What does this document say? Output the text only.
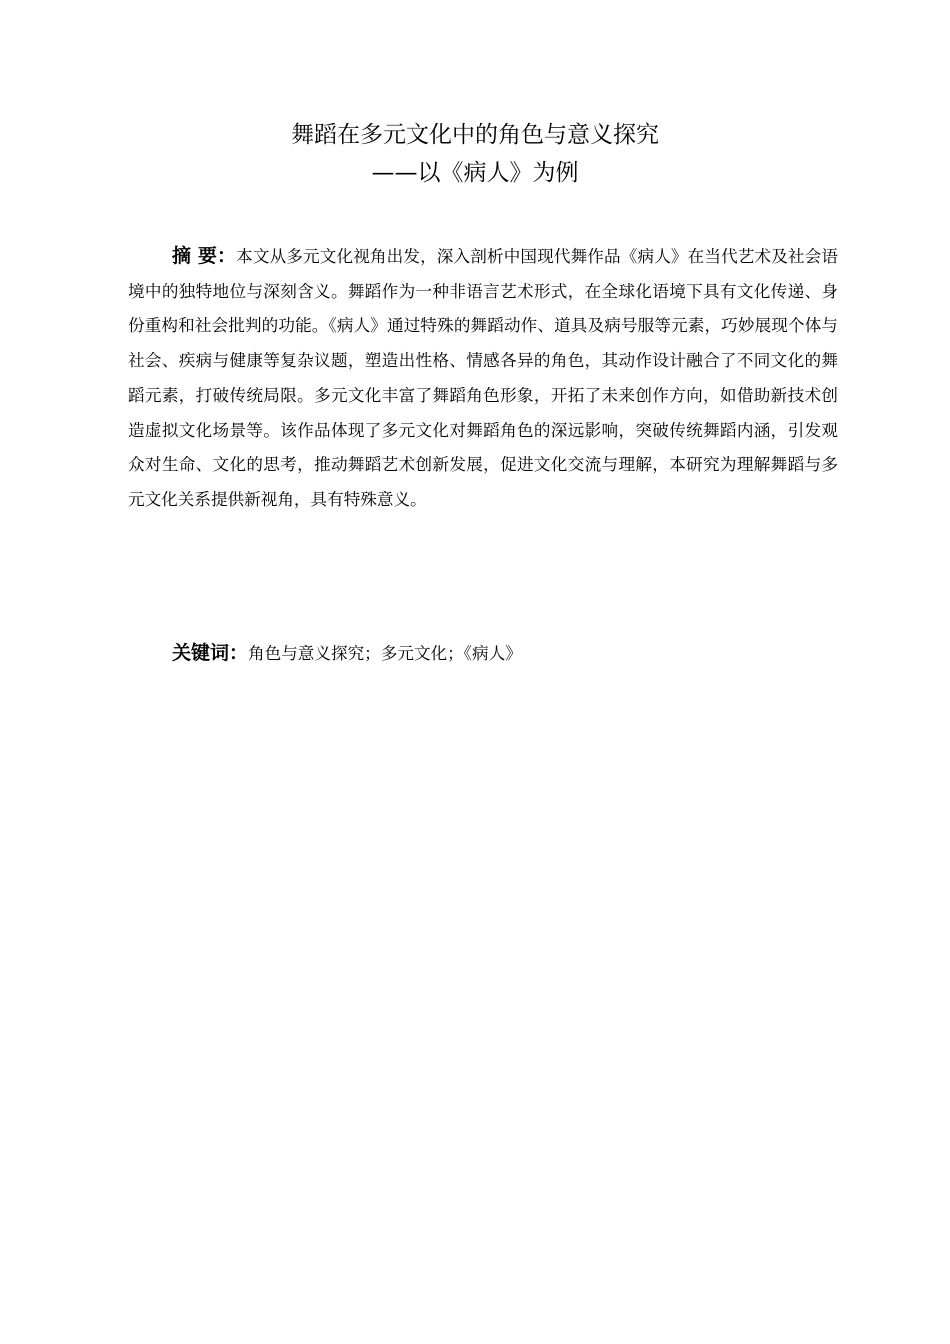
舞蹈在多元文化中的角色与意义探究
——以《病人》为例
摘 要：本文从多元文化视角出发，深入剖析中国现代舞作品《病人》在当代艺术及社会语境中的独特地位与深刻含义。舞蹈作为一种非语言艺术形式，在全球化语境下具有文化传递、身份重构和社会批判的功能。《病人》通过特殊的舞蹈动作、道具及病号服等元素，巧妙展现个体与社会、疾病与健康等复杂议题，塑造出性格、情感各异的角色，其动作设计融合了不同文化的舞蹈元素，打破传统局限。多元文化丰富了舞蹈角色形象，开拓了未来创作方向，如借助新技术创造虚拟文化场景等。该作品体现了多元文化对舞蹈角色的深远影响，突破传统舞蹈内涵，引发观众对生命、文化的思考，推动舞蹈艺术创新发展，促进文化交流与理解，本研究为理解舞蹈与多元文化关系提供新视角，具有特殊意义。
关键词：角色与意义探究；多元文化；《病人》
